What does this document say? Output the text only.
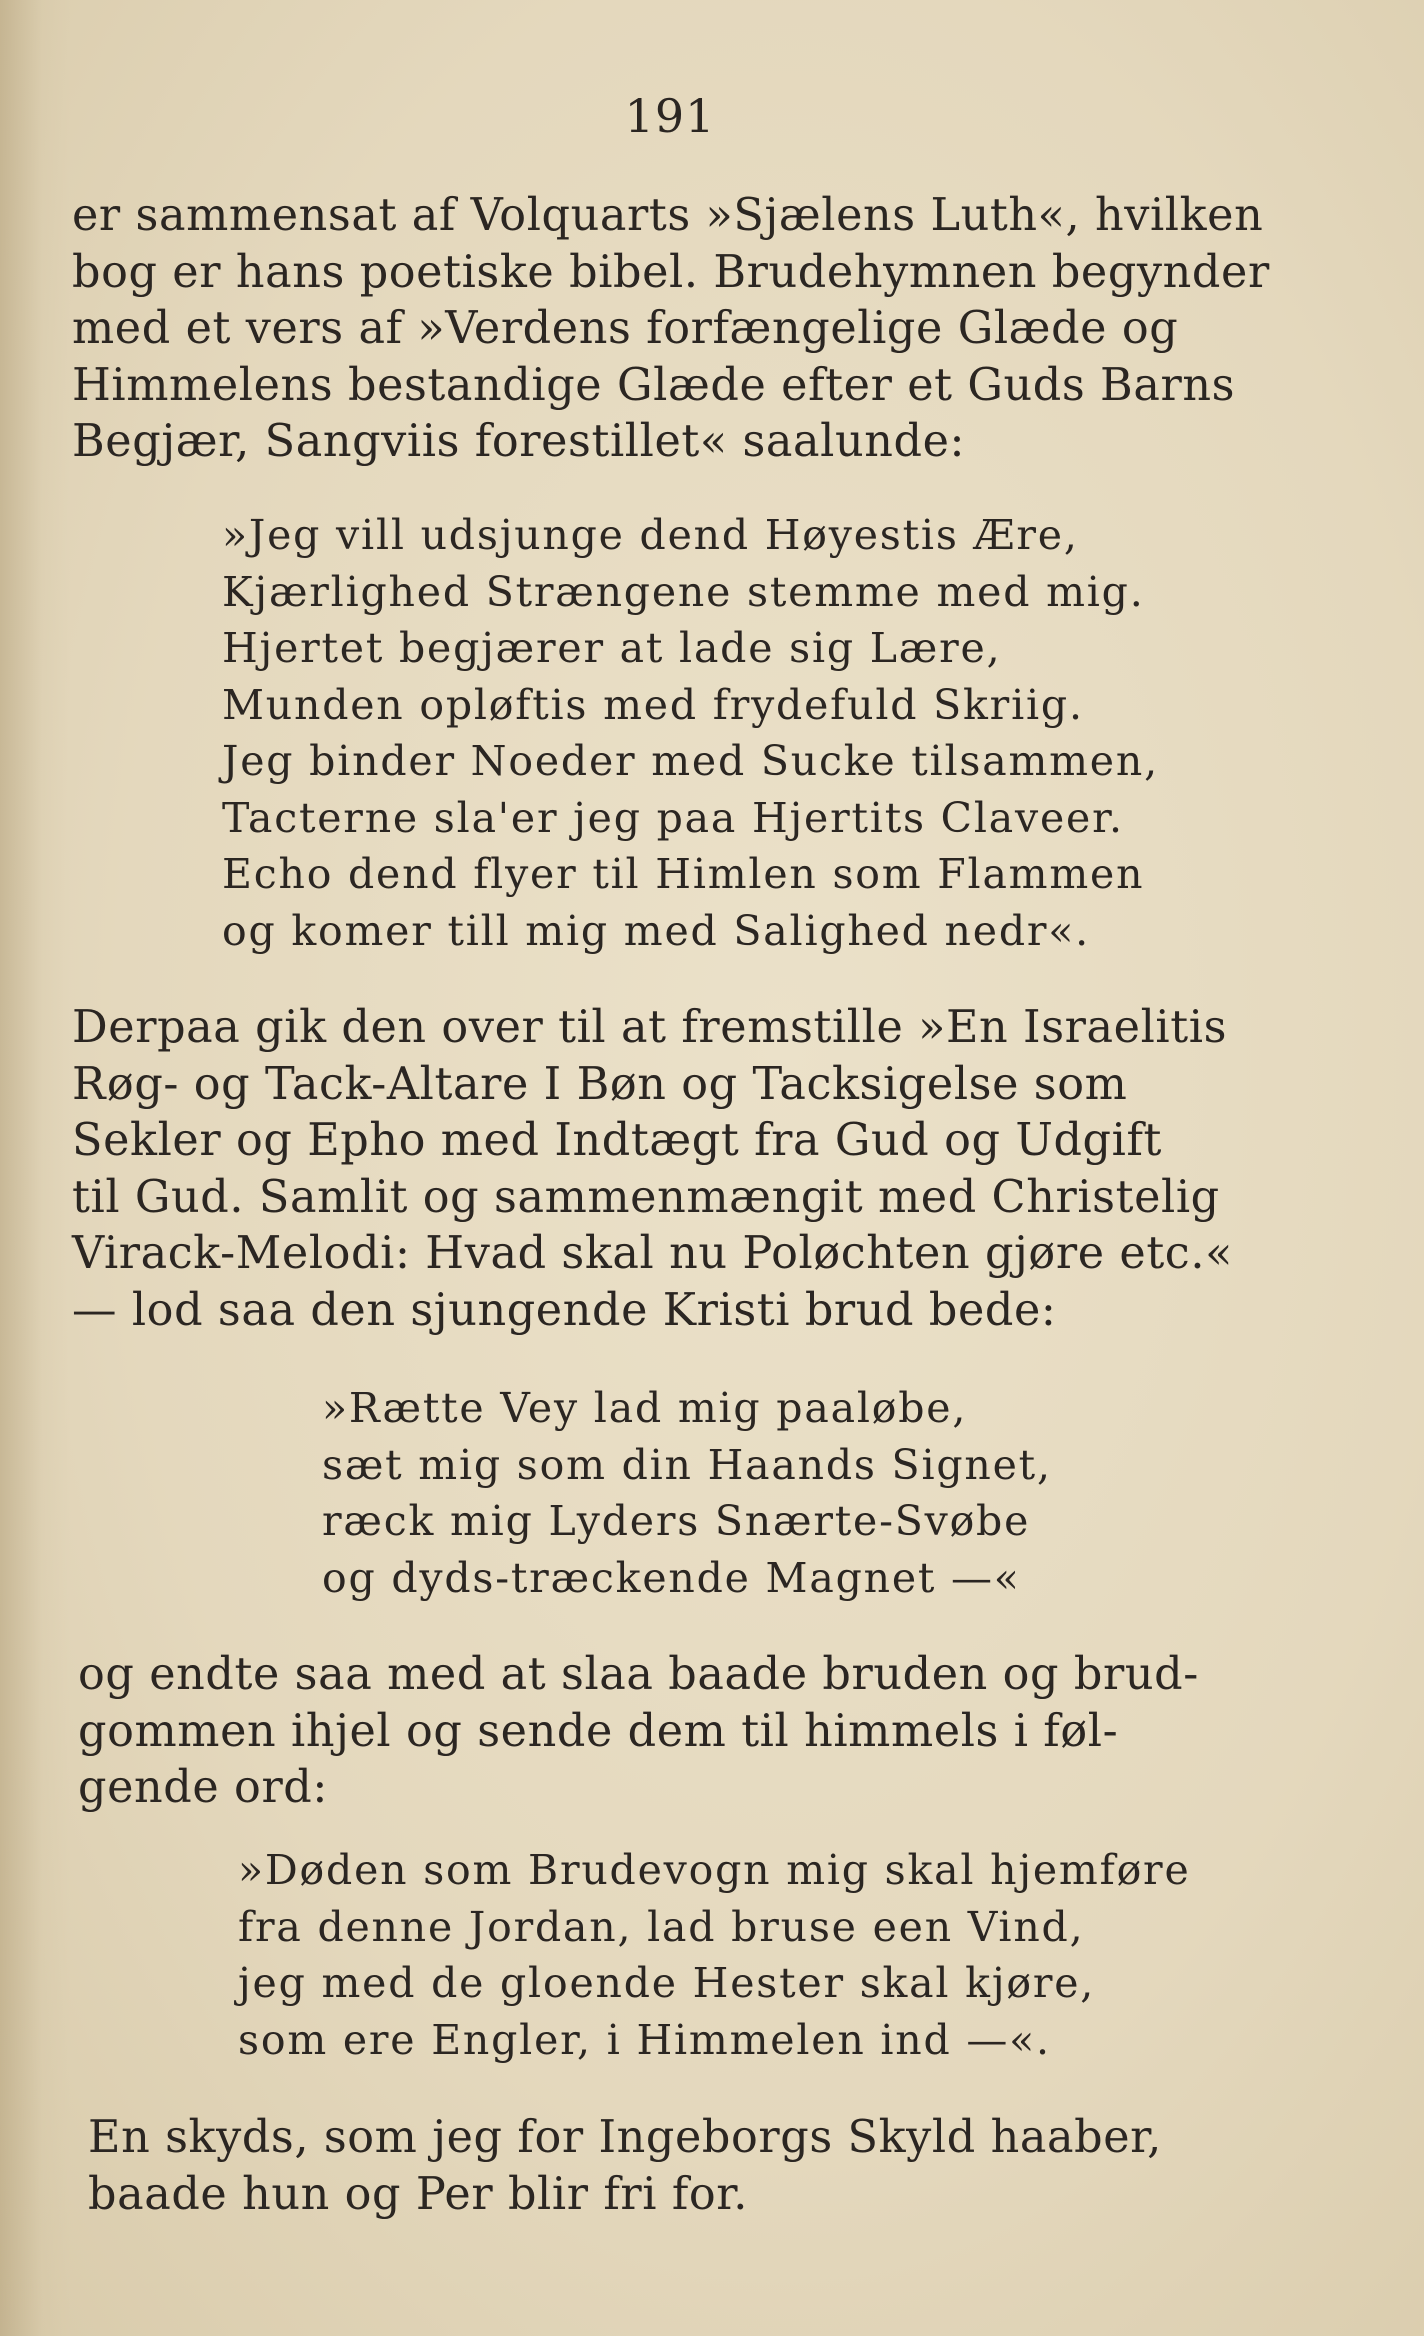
191
er sammensat af Volquarts »Sjælens Luth«, hvilken
bog er hans poetiske bibel. Brudehymnen begynder
med et vers af »Verdens forfængelige Glæde og
Himmelens bestandige Glæde efter et Guds Barns
Begjær, Sangviis forestillet« saalunde:
»Jeg vill udsjunge dend Høyestis Ære,
Kjærlighed Strængene stemme med mig.
Hjertet begjærer at lade sig Lære,
Munden opløftis med frydefuld Skriig.
Jeg binder Noeder med Sucke tilsammen,
Tacterne sla'er jeg paa Hjertits Claveer.
Echo dend flyer til Himlen som Flammen
og komer till mig med Salighed nedr«.
Derpaa gik den over til at fremstille »En Israelitis
Røg- og Tack-Altare I Bøn og Tacksigelse som
Sekler og Epho med Indtægt fra Gud og Udgift
til Gud. Samlit og sammenmængit med Christelig
Virack-Melodi: Hvad skal nu Poløchten gjøre etc.«
— lod saa den sjungende Kristi brud bede:
»Rætte Vey lad mig paaløbe,
sæt mig som din Haands Signet,
ræck mig Lyders Snærte-Svøbe
og dyds-træckende Magnet —«
og endte saa med at slaa baade bruden og brud-
gommen ihjel og sende dem til himmels i føl-
gende ord:
»Døden som Brudevogn mig skal hjemføre
fra denne Jordan, lad bruse een Vind,
jeg med de gloende Hester skal kjøre,
som ere Engler, i Himmelen ind —«.
En skyds, som jeg for Ingeborgs Skyld haaber,
baade hun og Per blir fri for.
